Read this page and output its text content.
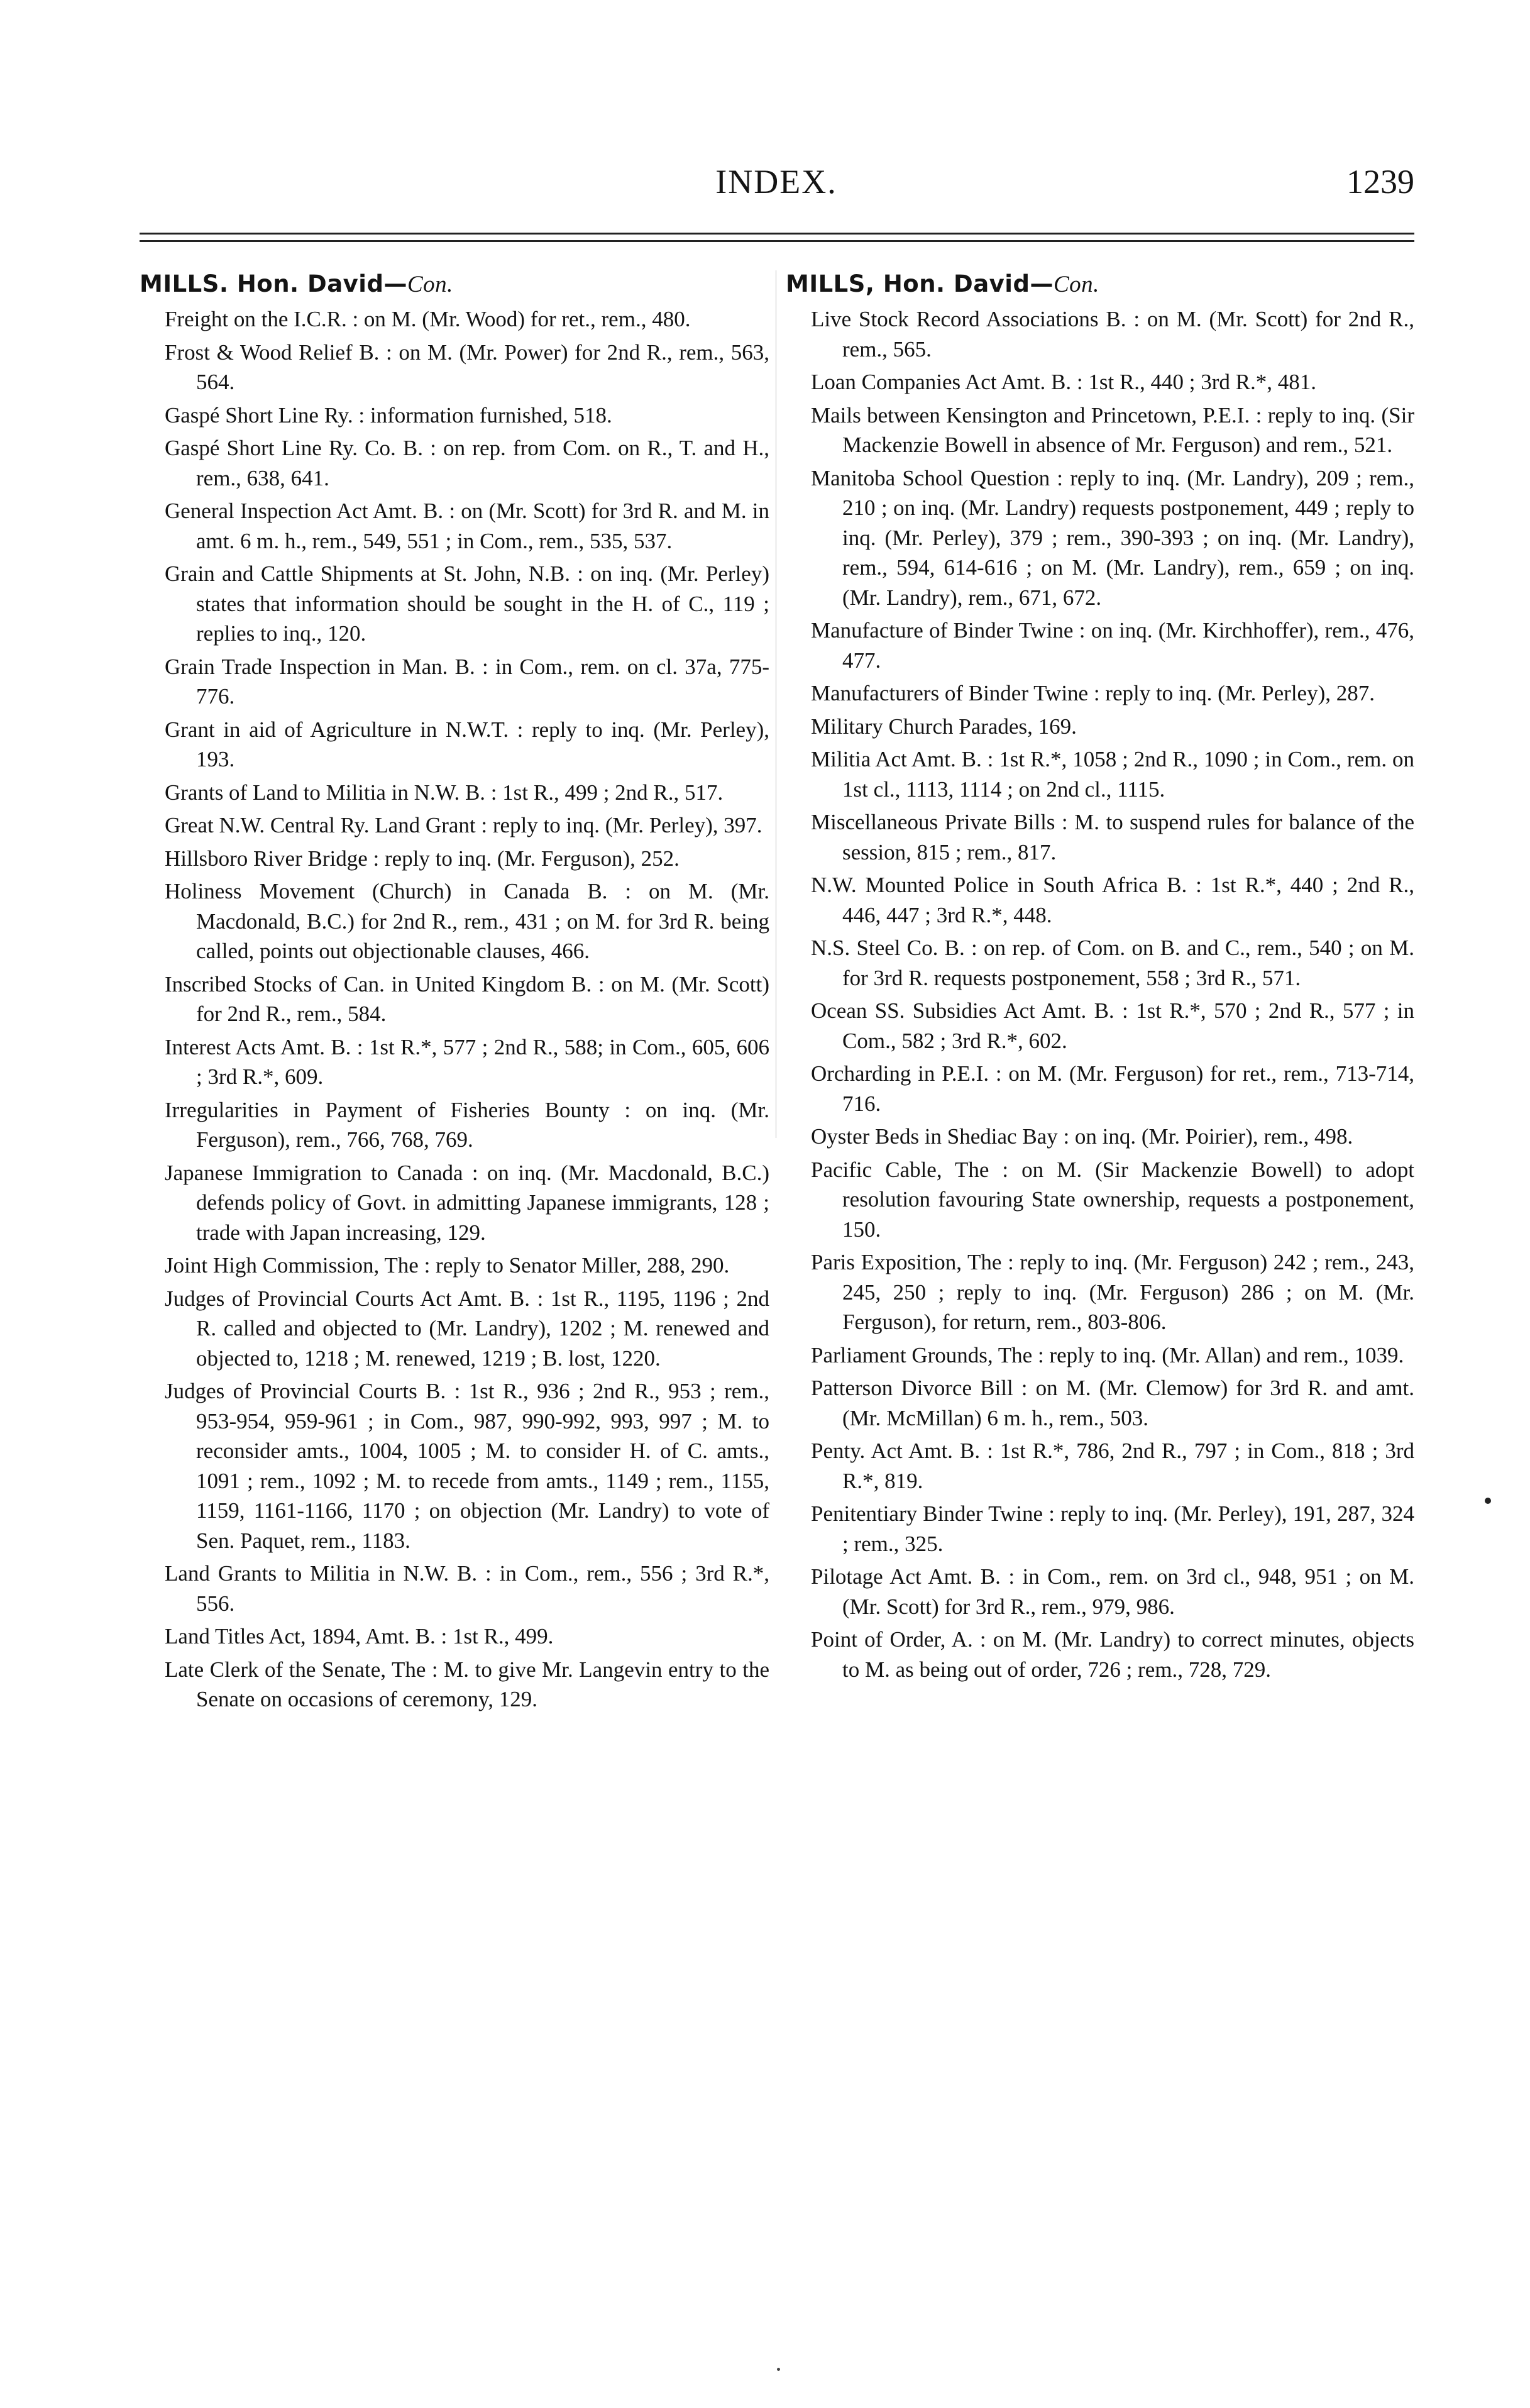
INDEX.	1239
MILLS. Hon. David—Con.

Freight on the I.C.R. : on M. (Mr. Wood) for ret., rem., 480.

Frost & Wood Relief B. : on M. (Mr. Power) for 2nd R., rem., 563, 564.

Gaspé Short Line Ry. : information furnished, 518.

Gaspé Short Line Ry. Co. B. : on rep. from Com. on R., T. and H., rem., 638, 641.

General Inspection Act Amt. B. : on (Mr. Scott) for 3rd R. and M. in amt. 6 m. h., rem., 549, 551 ; in Com., rem., 535, 537.

Grain and Cattle Shipments at St. John, N.B. : on inq. (Mr. Perley) states that information should be sought in the H. of C., 119 ; replies to inq., 120.

Grain Trade Inspection in Man. B. : in Com., rem. on cl. 37a, 775-776.

Grant in aid of Agriculture in N.W.T. : reply to inq. (Mr. Perley), 193.

Grants of Land to Militia in N.W. B. : 1st R., 499 ; 2nd R., 517.

Great N.W. Central Ry. Land Grant : reply to inq. (Mr. Perley), 397.

Hillsboro River Bridge : reply to inq. (Mr. Ferguson), 252.

Holiness Movement (Church) in Canada B. : on M. (Mr. Macdonald, B.C.) for 2nd R., rem., 431 ; on M. for 3rd R. being called, points out objectionable clauses, 466.

Inscribed Stocks of Can. in United Kingdom B. : on M. (Mr. Scott) for 2nd R., rem., 584.

Interest Acts Amt. B. : 1st R.*, 577 ; 2nd R., 588; in Com., 605, 606 ; 3rd R.*, 609.

Irregularities in Payment of Fisheries Bounty : on inq. (Mr. Ferguson), rem., 766, 768, 769.

Japanese Immigration to Canada : on inq. (Mr. Macdonald, B.C.) defends policy of Govt. in admitting Japanese immigrants, 128 ; trade with Japan increasing, 129.

Joint High Commission, The : reply to Senator Miller, 288, 290.

Judges of Provincial Courts Act Amt. B. : 1st R., 1195, 1196 ; 2nd R. called and objected to (Mr. Landry), 1202 ; M. renewed and objected to, 1218 ; M. renewed, 1219 ; B. lost, 1220.

Judges of Provincial Courts B. : 1st R., 936 ; 2nd R., 953 ; rem., 953-954, 959-961 ; in Com., 987, 990-992, 993, 997 ; M. to reconsider amts., 1004, 1005 ; M. to consider H. of C. amts., 1091 ; rem., 1092 ; M. to recede from amts., 1149 ; rem., 1155, 1159, 1161-1166, 1170 ; on objection (Mr. Landry) to vote of Sen. Paquet, rem., 1183.

Land Grants to Militia in N.W. B. : in Com., rem., 556 ; 3rd R.*, 556.

Land Titles Act, 1894, Amt. B. : 1st R., 499.

Late Clerk of the Senate, The : M. to give Mr. Langevin entry to the Senate on occasions of ceremony, 129.

MILLS, Hon. David—Con.

Live Stock Record Associations B. : on M. (Mr. Scott) for 2nd R., rem., 565.

Loan Companies Act Amt. B. : 1st R., 440 ; 3rd R.*, 481.

Mails between Kensington and Princetown, P.E.I. : reply to inq. (Sir Mackenzie Bowell in absence of Mr. Ferguson) and rem., 521.

Manitoba School Question : reply to inq. (Mr. Landry), 209 ; rem., 210 ; on inq. (Mr. Landry) requests postponement, 449 ; reply to inq. (Mr. Perley), 379 ; rem., 390-393 ; on inq. (Mr. Landry), rem., 594, 614-616 ; on M. (Mr. Landry), rem., 659 ; on inq. (Mr. Landry), rem., 671, 672.

Manufacture of Binder Twine : on inq. (Mr. Kirchhoffer), rem., 476, 477.

Manufacturers of Binder Twine : reply to inq. (Mr. Perley), 287.

Military Church Parades, 169.

Militia Act Amt. B. : 1st R.*, 1058 ; 2nd R., 1090 ; in Com., rem. on 1st cl., 1113, 1114 ; on 2nd cl., 1115.

Miscellaneous Private Bills : M. to suspend rules for balance of the session, 815 ; rem., 817.

N.W. Mounted Police in South Africa B. : 1st R.*, 440 ; 2nd R., 446, 447 ; 3rd R.*, 448.

N.S. Steel Co. B. : on rep. of Com. on B. and C., rem., 540 ; on M. for 3rd R. requests postponement, 558 ; 3rd R., 571.

Ocean SS. Subsidies Act Amt. B. : 1st R.*, 570 ; 2nd R., 577 ; in Com., 582 ; 3rd R.*, 602.

Orcharding in P.E.I. : on M. (Mr. Ferguson) for ret., rem., 713-714, 716.

Oyster Beds in Shediac Bay : on inq. (Mr. Poirier), rem., 498.

Pacific Cable, The : on M. (Sir Mackenzie Bowell) to adopt resolution favouring State ownership, requests a postponement, 150.

Paris Exposition, The : reply to inq. (Mr. Ferguson) 242 ; rem., 243, 245, 250 ; reply to inq. (Mr. Ferguson) 286 ; on M. (Mr. Ferguson), for return, rem., 803-806.

Parliament Grounds, The : reply to inq. (Mr. Allan) and rem., 1039.

Patterson Divorce Bill : on M. (Mr. Clemow) for 3rd R. and amt. (Mr. McMillan) 6 m. h., rem., 503.

Penty. Act Amt. B. : 1st R.*, 786, 2nd R., 797 ; in Com., 818 ; 3rd R.*, 819.

Penitentiary Binder Twine : reply to inq. (Mr. Perley), 191, 287, 324 ; rem., 325.

Pilotage Act Amt. B. : in Com., rem. on 3rd cl., 948, 951 ; on M. (Mr. Scott) for 3rd R., rem., 979, 986.

Point of Order, A. : on M. (Mr. Landry) to correct minutes, objects to M. as being out of order, 726 ; rem., 728, 729.
